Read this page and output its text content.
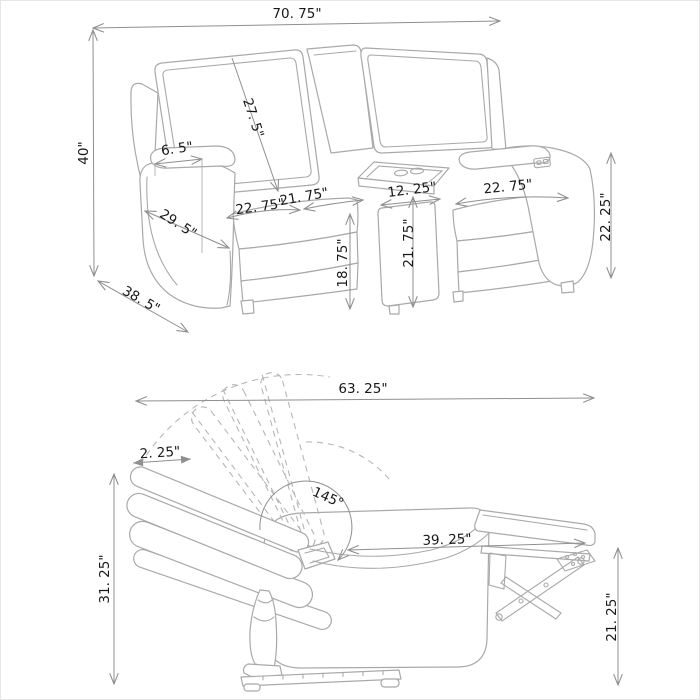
70. 75"
40"
38. 5"
27. 5"
6. 5"
22. 75"
21. 75"
29. 5"
18. 75"
12. 25"
21. 75"
22. 75"
22. 25"
63. 25"
2. 25"
145°
39. 25"
31. 25"
21. 25"
